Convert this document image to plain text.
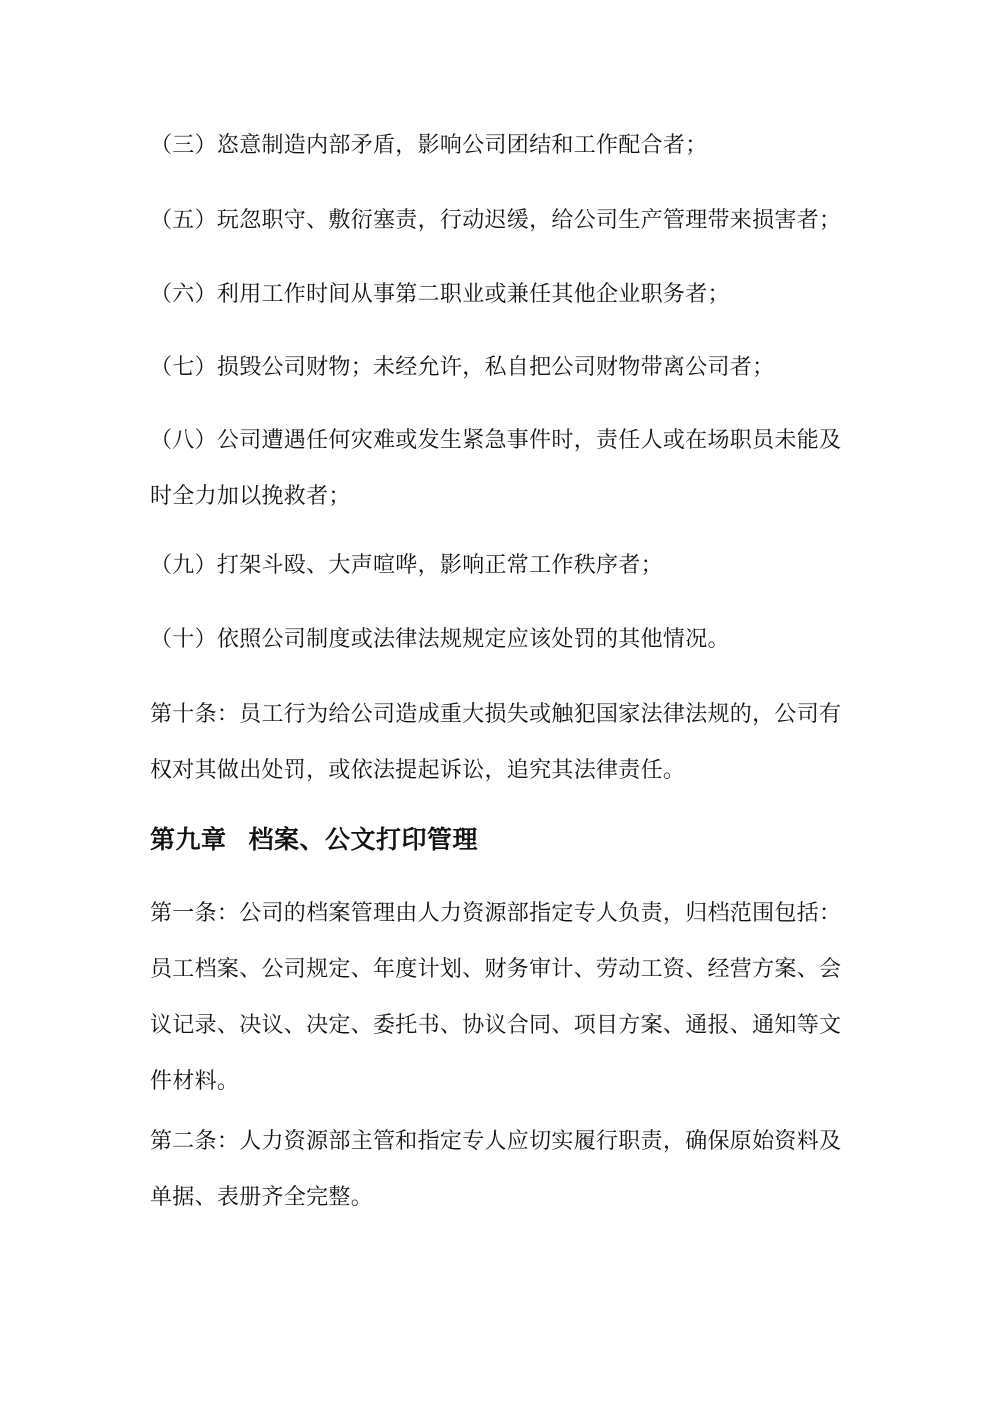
（三）恣意制造内部矛盾，影响公司团结和工作配合者；

（五）玩忽职守、敷衍塞责，行动迟缓，给公司生产管理带来损害者；

（六）利用工作时间从事第二职业或兼任其他企业职务者；

（七）损毁公司财物；未经允许，私自把公司财物带离公司者；

（八）公司遭遇任何灾难或发生紧急事件时，责任人或在场职员未能及时全力加以挽救者；

（九）打架斗殴、大声喧哗，影响正常工作秩序者；

（十）依照公司制度或法律法规规定应该处罚的其他情况。

第十条：员工行为给公司造成重大损失或触犯国家法律法规的，公司有权对其做出处罚，或依法提起诉讼，追究其法律责任。

第九章 档案、公文打印管理

第一条：公司的档案管理由人力资源部指定专人负责，归档范围包括：员工档案、公司规定、年度计划、财务审计、劳动工资、经营方案、会议记录、决议、决定、委托书、协议合同、项目方案、通报、通知等文件材料。

第二条：人力资源部主管和指定专人应切实履行职责，确保原始资料及单据、表册齐全完整。
